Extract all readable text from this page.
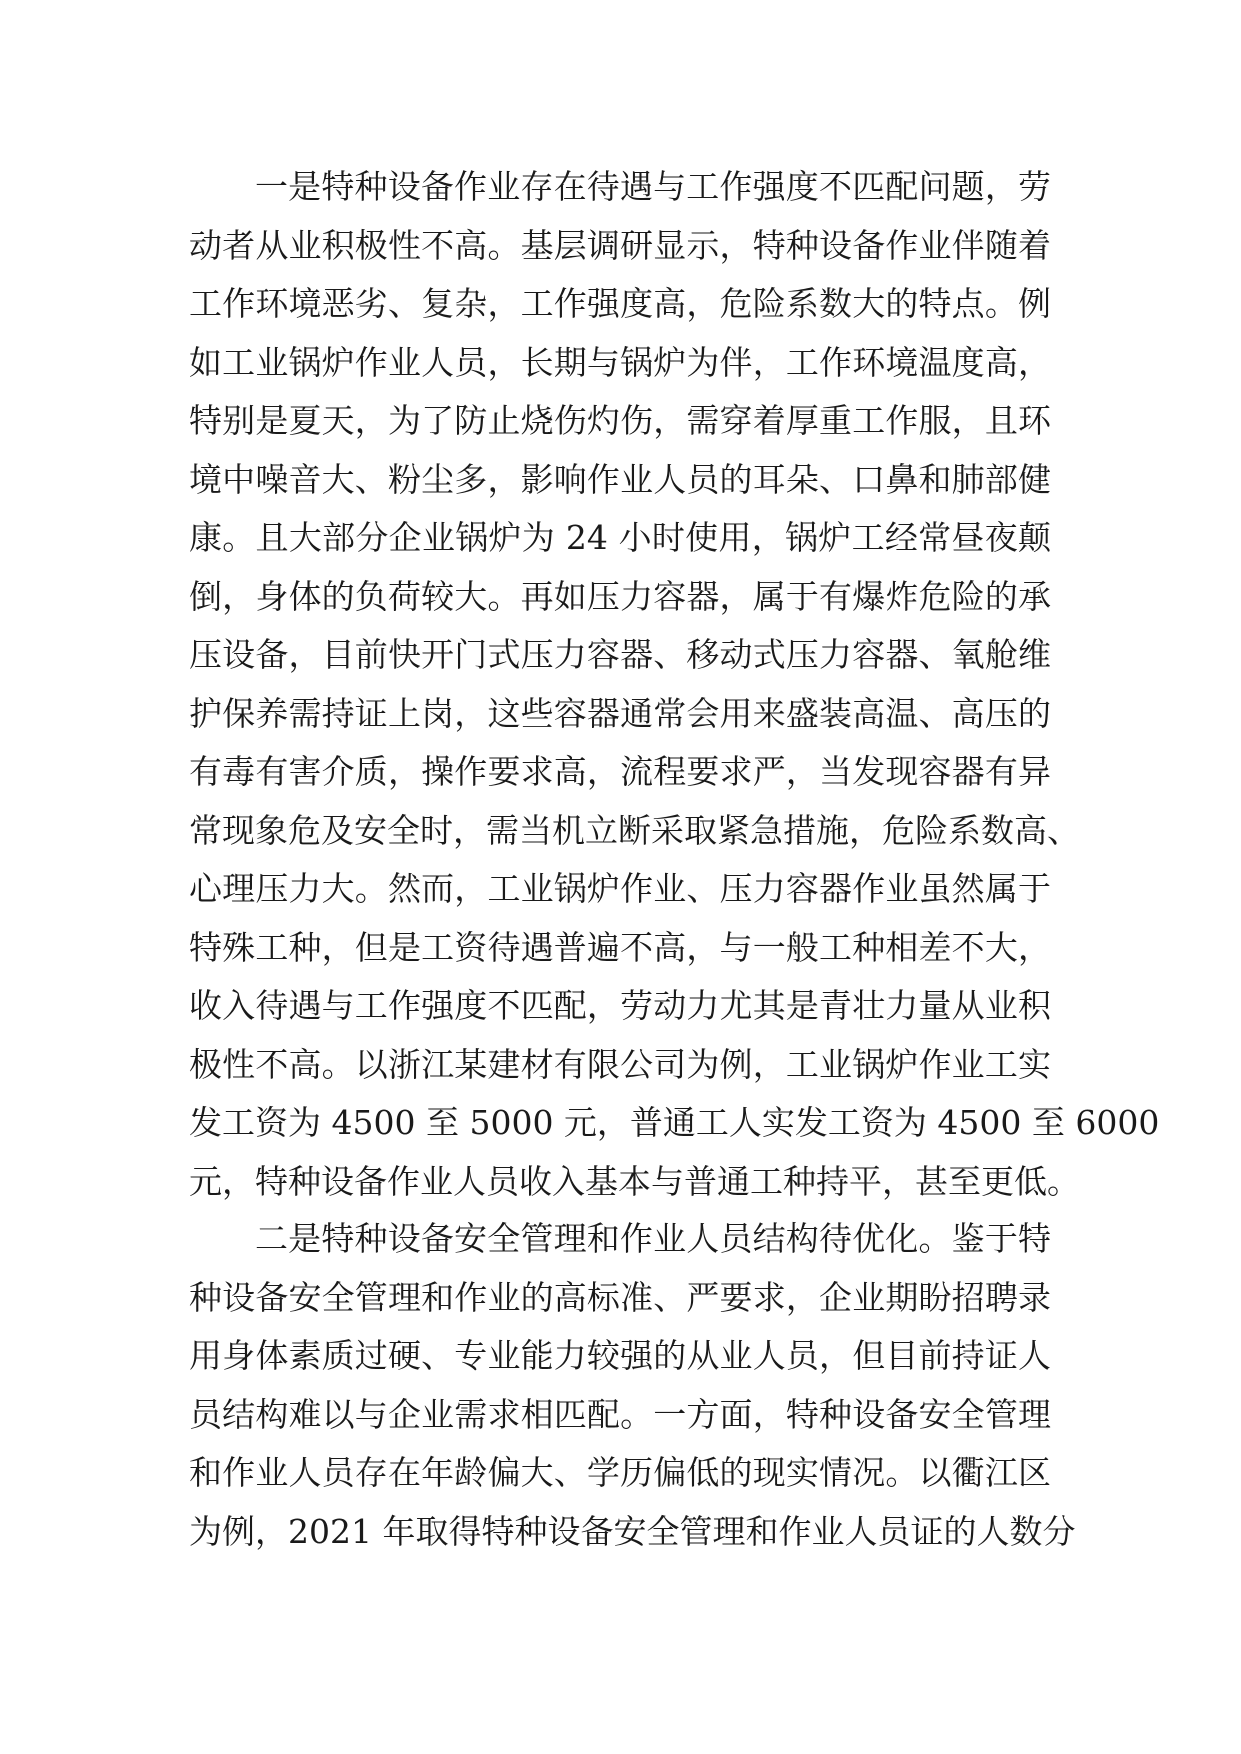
一是特种设备作业存在待遇与工作强度不匹配问题，劳
动者从业积极性不高。基层调研显示，特种设备作业伴随着
工作环境恶劣、复杂，工作强度高，危险系数大的特点。例
如工业锅炉作业人员，长期与锅炉为伴，工作环境温度高，
特别是夏天，为了防止烧伤灼伤，需穿着厚重工作服，且环
境中噪音大、粉尘多，影响作业人员的耳朵、口鼻和肺部健
康。且大部分企业锅炉为 24 小时使用，锅炉工经常昼夜颠
倒，身体的负荷较大。再如压力容器，属于有爆炸危险的承
压设备，目前快开门式压力容器、移动式压力容器、氧舱维
护保养需持证上岗，这些容器通常会用来盛装高温、高压的
有毒有害介质，操作要求高，流程要求严，当发现容器有异
常现象危及安全时，需当机立断采取紧急措施，危险系数高、
心理压力大。然而，工业锅炉作业、压力容器作业虽然属于
特殊工种，但是工资待遇普遍不高，与一般工种相差不大，
收入待遇与工作强度不匹配，劳动力尤其是青壮力量从业积
极性不高。以浙江某建材有限公司为例，工业锅炉作业工实
发工资为 4500 至 5000 元，普通工人实发工资为 4500 至 6000
元，特种设备作业人员收入基本与普通工种持平，甚至更低。
二是特种设备安全管理和作业人员结构待优化。鉴于特
种设备安全管理和作业的高标准、严要求，企业期盼招聘录
用身体素质过硬、专业能力较强的从业人员，但目前持证人
员结构难以与企业需求相匹配。一方面，特种设备安全管理
和作业人员存在年龄偏大、学历偏低的现实情况。以衢江区
为例，2021 年取得特种设备安全管理和作业人员证的人数分
